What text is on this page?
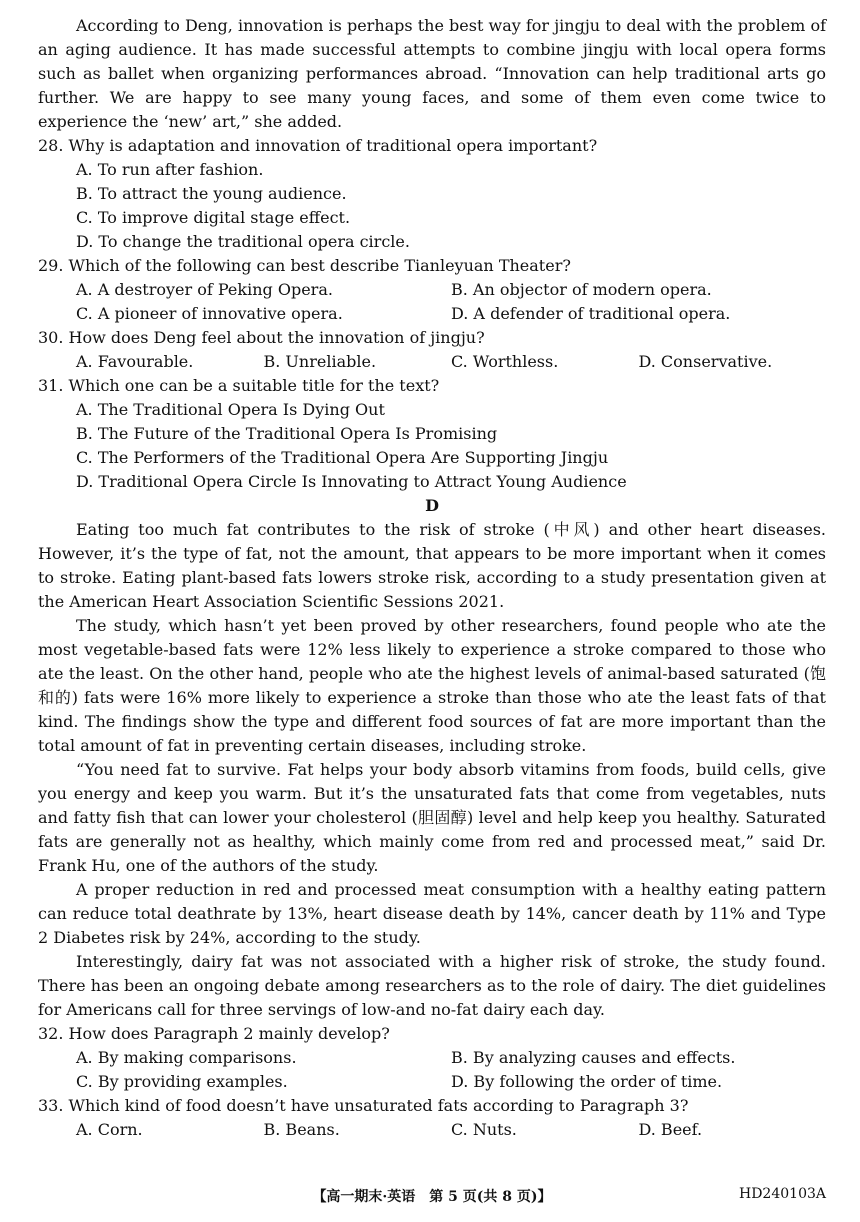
According to Deng, innovation is perhaps the best way for jingju to deal with the problem of an aging audience. It has made successful attempts to combine jingju with local opera forms such as ballet when organizing performances abroad. “Innovation can help traditional arts go further. We are happy to see many young faces, and some of them even come twice to experience the ‘new’ art,” she added.

28. Why is adaptation and innovation of traditional opera important?

A. To run after fashion.

B. To attract the young audience.

C. To improve digital stage effect.

D. To change the traditional opera circle.

29. Which of the following can best describe Tianleyuan Theater?

A. A destroyer of Peking Opera.	B. An objector of modern opera.
C. A pioneer of innovative opera.	D. A defender of traditional opera.

30. How does Deng feel about the innovation of jingju?

A. Favourable.	B. Unreliable.	C. Worthless.	D. Conservative.

31. Which one can be a suitable title for the text?

A. The Traditional Opera Is Dying Out

B. The Future of the Traditional Opera Is Promising

C. The Performers of the Traditional Opera Are Supporting Jingju

D. Traditional Opera Circle Is Innovating to Attract Young Audience

D

Eating too much fat contributes to the risk of stroke (中风) and other heart diseases. However, it’s the type of fat, not the amount, that appears to be more important when it comes to stroke. Eating plant-based fats lowers stroke risk, according to a study presentation given at the American Heart Association Scientific Sessions 2021.

The study, which hasn’t yet been proved by other researchers, found people who ate the most vegetable-based fats were 12% less likely to experience a stroke compared to those who ate the least. On the other hand, people who ate the highest levels of animal-based saturated (饱和的) fats were 16% more likely to experience a stroke than those who ate the least fats of that kind. The findings show the type and different food sources of fat are more important than the total amount of fat in preventing certain diseases, including stroke.

“You need fat to survive. Fat helps your body absorb vitamins from foods, build cells, give you energy and keep you warm. But it’s the unsaturated fats that come from vegetables, nuts and fatty fish that can lower your cholesterol (胆固醇) level and help keep you healthy. Saturated fats are generally not as healthy, which mainly come from red and processed meat,” said Dr. Frank Hu, one of the authors of the study.

A proper reduction in red and processed meat consumption with a healthy eating pattern can reduce total deathrate by 13%, heart disease death by 14%, cancer death by 11% and Type 2 Diabetes risk by 24%, according to the study.

Interestingly, dairy fat was not associated with a higher risk of stroke, the study found. There has been an ongoing debate among researchers as to the role of dairy. The diet guidelines for Americans call for three servings of low-and no-fat dairy each day.

32. How does Paragraph 2 mainly develop?

A. By making comparisons.	B. By analyzing causes and effects.
C. By providing examples.	D. By following the order of time.

33. Which kind of food doesn’t have unsaturated fats according to Paragraph 3?

A. Corn.	B. Beans.	C. Nuts.	D. Beef.
【高一期末·英语　第 5 页(共 8 页)】	HD240103A
